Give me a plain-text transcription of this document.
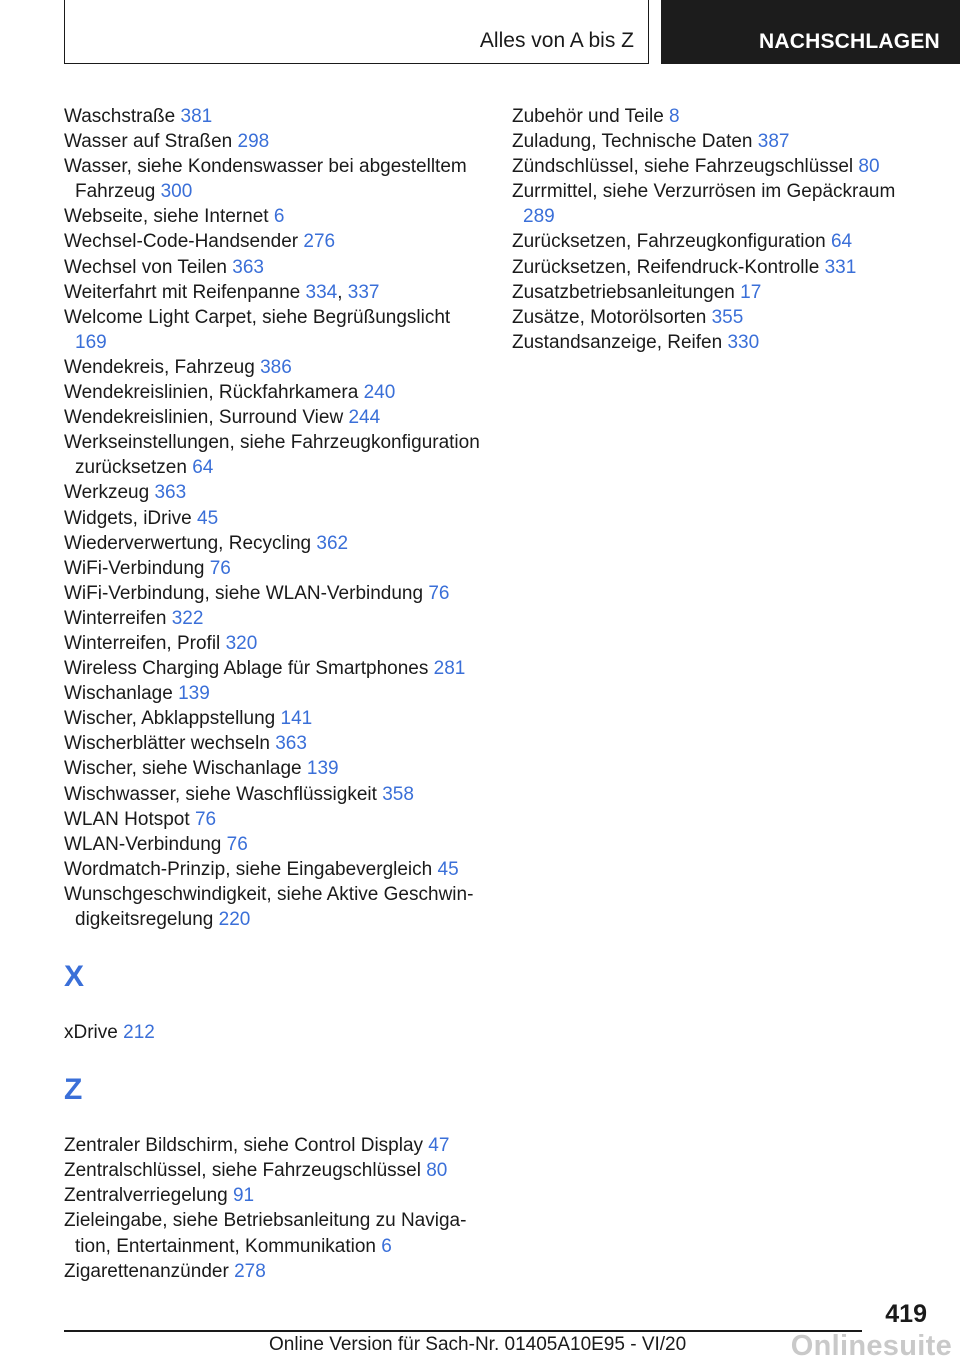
Alles von A bis Z	NACHSCHLAGEN
Waschstraße 381
Wasser auf Straßen 298
Wasser, siehe Kondenswasser bei abgestelltem Fahrzeug 300
Webseite, siehe Internet 6
Wechsel-Code-Handsender 276
Wechsel von Teilen 363
Weiterfahrt mit Reifenpanne 334, 337
Welcome Light Carpet, siehe Begrüßungslicht 169
Wendekreis, Fahrzeug 386
Wendekreislinien, Rückfahrkamera 240
Wendekreislinien, Surround View 244
Werkseinstellungen, siehe Fahrzeugkonfiguration zurücksetzen 64
Werkzeug 363
Widgets, iDrive 45
Wiederverwertung, Recycling 362
WiFi-Verbindung 76
WiFi-Verbindung, siehe WLAN-Verbindung 76
Winterreifen 322
Winterreifen, Profil 320
Wireless Charging Ablage für Smartphones 281
Wischanlage 139
Wischer, Abklappstellung 141
Wischerblätter wechseln 363
Wischer, siehe Wischanlage 139
Wischwasser, siehe Waschflüssigkeit 358
WLAN Hotspot 76
WLAN-Verbindung 76
Wordmatch-Prinzip, siehe Eingabevergleich 45
Wunschgeschwindigkeit, siehe Aktive Geschwindigkeitsregelung 220
X
xDrive 212
Z
Zentraler Bildschirm, siehe Control Display 47
Zentralschlüssel, siehe Fahrzeugschlüssel 80
Zentralverriegelung 91
Zieleingabe, siehe Betriebsanleitung zu Navigation, Entertainment, Kommunikation 6
Zigarettenanzünder 278
Zubehör und Teile 8
Zuladung, Technische Daten 387
Zündschlüssel, siehe Fahrzeugschlüssel 80
Zurrmittel, siehe Verzurrösen im Gepäckraum 289
Zurücksetzen, Fahrzeugkonfiguration 64
Zurücksetzen, Reifendruck-Kontrolle 331
Zusatzbetriebsanleitungen 17
Zusätze, Motorölsorten 355
Zustandsanzeige, Reifen 330
419
Online Version für Sach-Nr. 01405A10E95 - VI/20	Onlinesuite
